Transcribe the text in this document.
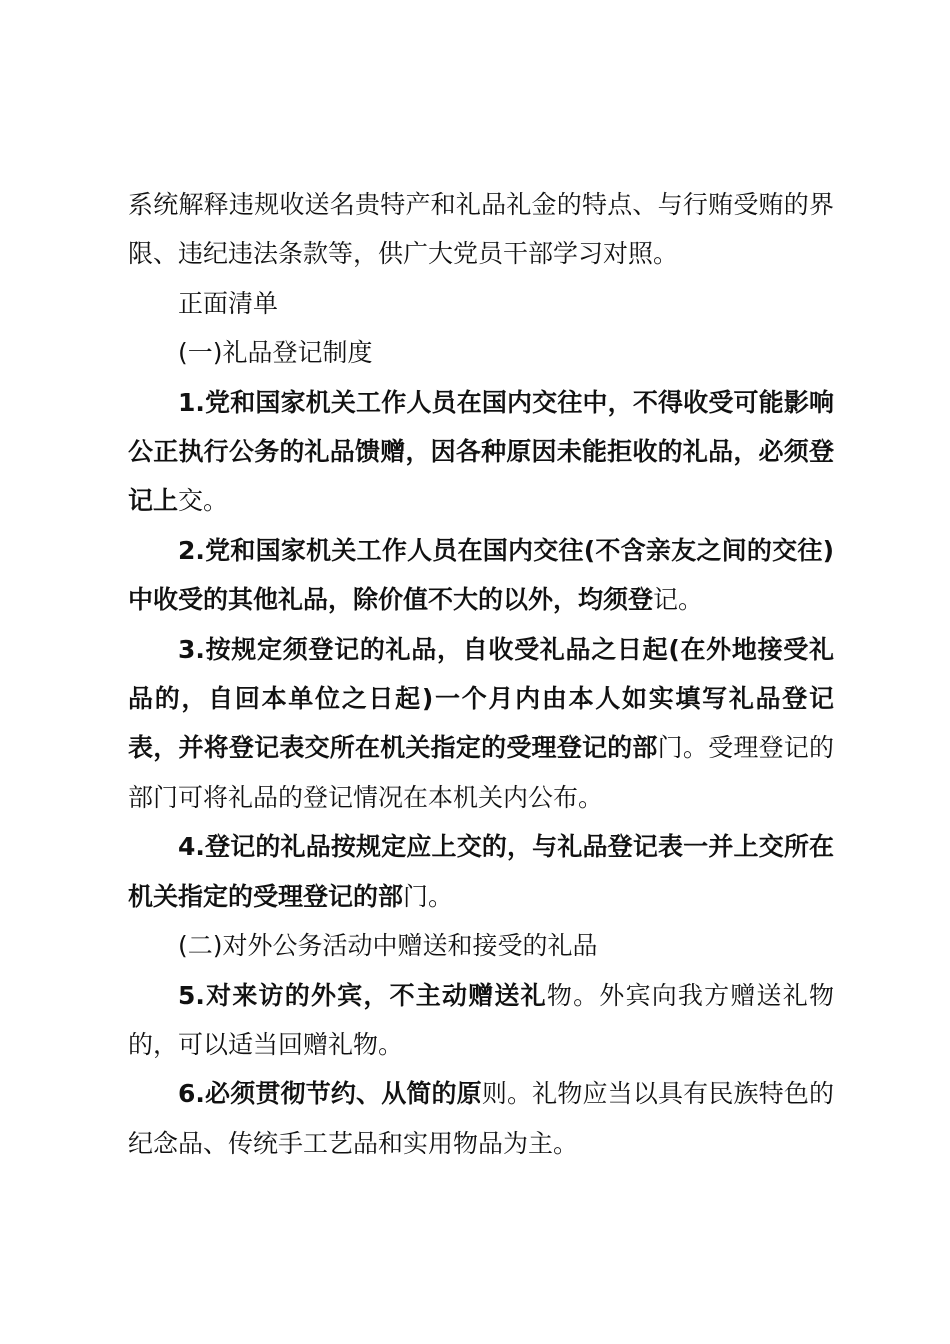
系统解释违规收送名贵特产和礼品礼金的特点、与行贿受贿的界限、违纪违法条款等，供广大党员干部学习对照。

正面清单

(一)礼品登记制度

1.党和国家机关工作人员在国内交往中，不得收受可能影响公正执行公务的礼品馈赠，因各种原因未能拒收的礼品，必须登记上交。

2.党和国家机关工作人员在国内交往(不含亲友之间的交往)中收受的其他礼品，除价值不大的以外，均须登记。

3.按规定须登记的礼品，自收受礼品之日起(在外地接受礼品的，自回本单位之日起)一个月内由本人如实填写礼品登记表，并将登记表交所在机关指定的受理登记的部门。受理登记的部门可将礼品的登记情况在本机关内公布。

4.登记的礼品按规定应上交的，与礼品登记表一并上交所在机关指定的受理登记的部门。

(二)对外公务活动中赠送和接受的礼品

5.对来访的外宾，不主动赠送礼物。外宾向我方赠送礼物的，可以适当回赠礼物。

6.必须贯彻节约、从简的原则。礼物应当以具有民族特色的纪念品、传统手工艺品和实用物品为主。
